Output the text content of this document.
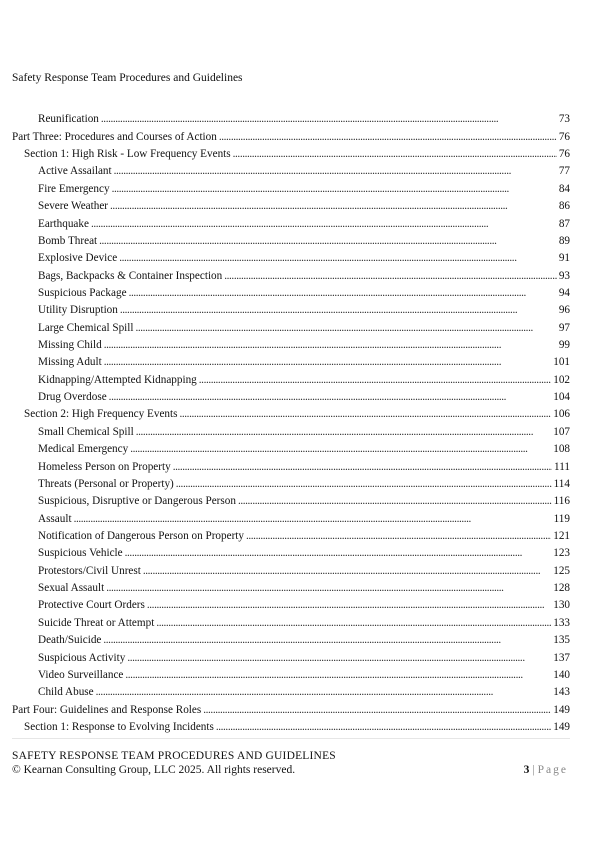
Safety Response Team Procedures and Guidelines
Reunification . . .	73
Part Three: Procedures and Courses of Action . . .	76
Section 1: High Risk - Low Frequency Events . . .	76
Active Assailant . . .	77
Fire Emergency . . .	84
Severe Weather . . .	86
Earthquake . . .	87
Bomb Threat . . .	89
Explosive Device . . .	91
Bags, Backpacks & Container Inspection . . .	93
Suspicious Package . . .	94
Utility Disruption . . .	96
Large Chemical Spill . . .	97
Missing Child . . .	99
Missing Adult . . .	101
Kidnapping/Attempted Kidnapping . . .	102
Drug Overdose . . .	104
Section 2: High Frequency Events . . .	106
Small Chemical Spill . . .	107
Medical Emergency . . .	108
Homeless Person on Property . . .	111
Threats (Personal or Property) . . .	114
Suspicious, Disruptive or Dangerous Person . . .	116
Assault . . .	119
Notification of Dangerous Person on Property . . .	121
Suspicious Vehicle . . .	123
Protestors/Civil Unrest . . .	125
Sexual Assault . . .	128
Protective Court Orders . . .	130
Suicide Threat or Attempt . . .	133
Death/Suicide . . .	135
Suspicious Activity . . .	137
Video Surveillance . . .	140
Child Abuse . . .	143
Part Four: Guidelines and Response Roles . . .	149
Section 1: Response to Evolving Incidents . . .	149
SAFETY RESPONSE TEAM PROCEDURES AND GUIDELINES
© Kearnan Consulting Group, LLC 2025. All rights reserved.	3 | Page
